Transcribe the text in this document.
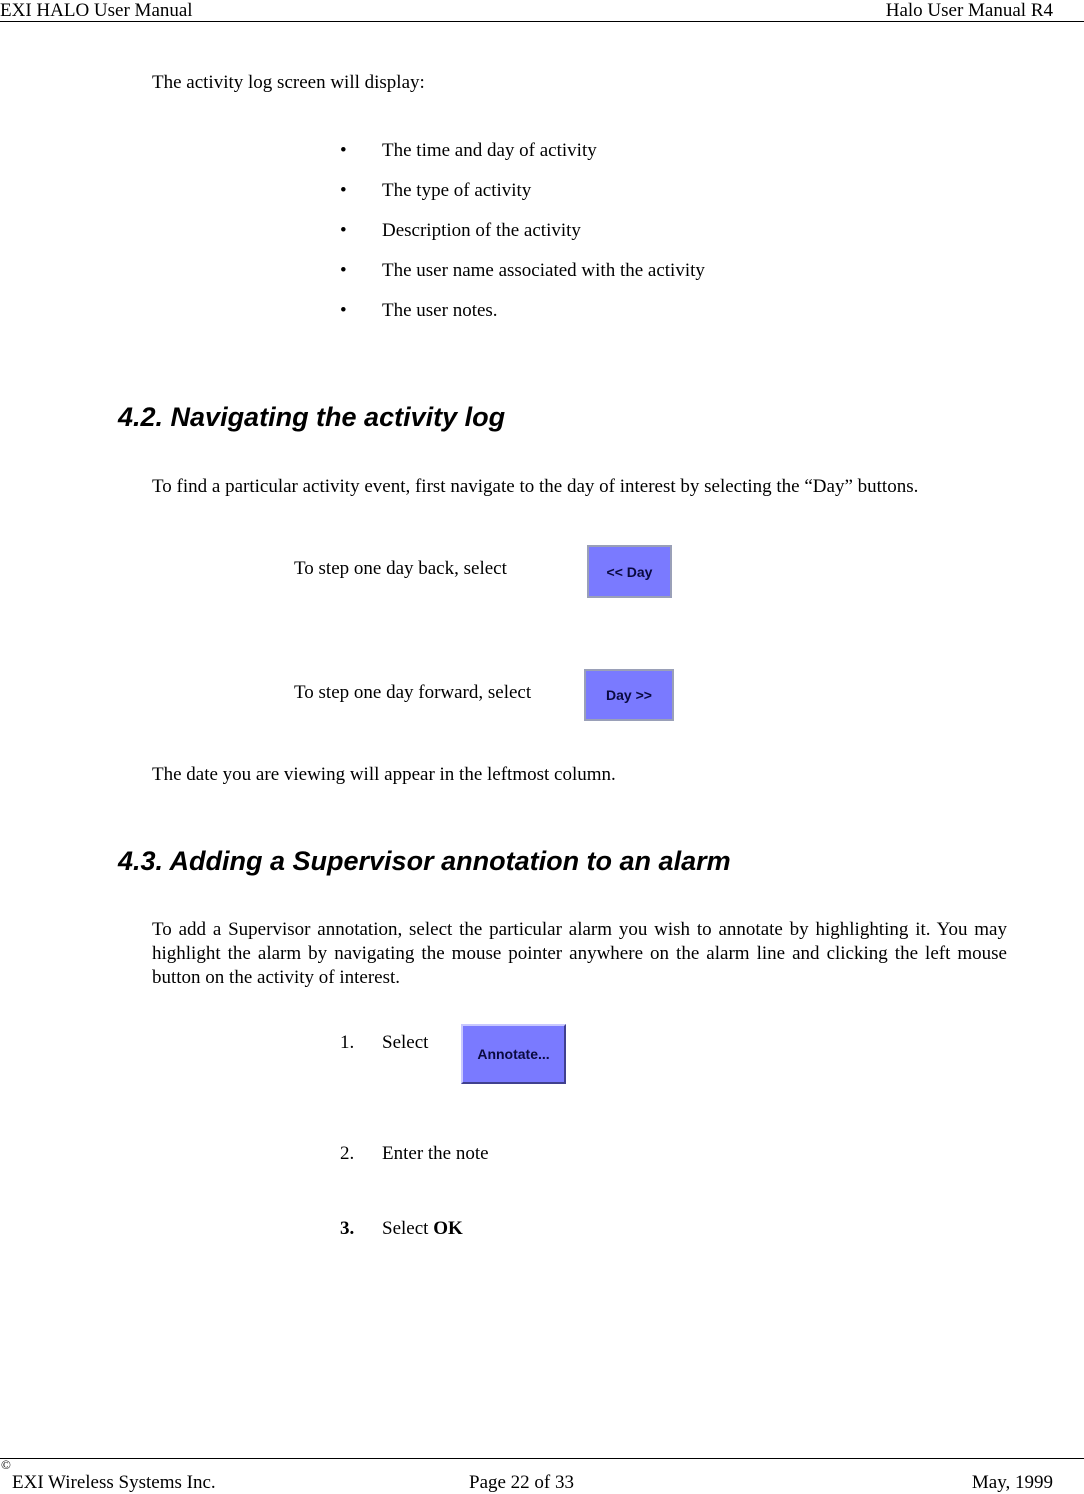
EXI HALO User Manual	Halo User Manual R4
The activity log screen will display:
• The time and day of activity
• The type of activity
• Description of the activity
• The user name associated with the activity
• The user notes.
4.2. Navigating the activity log
To find a particular activity event, first navigate to the day of interest by selecting the “Day” buttons.
To step one day back, select	<< Day
To step one day forward, select	Day >>
The date you are viewing will appear in the leftmost column.
4.3. Adding a Supervisor annotation to an alarm
To add a Supervisor annotation, select the particular alarm you wish to annotate by highlighting it. You may highlight the alarm by navigating the mouse pointer anywhere on the alarm line and clicking the left mouse button on the activity of interest.
1. Select
Annotate...
2. Enter the note
3. Select OK
©
EXI Wireless Systems Inc.	Page 22 of 33	May, 1999
